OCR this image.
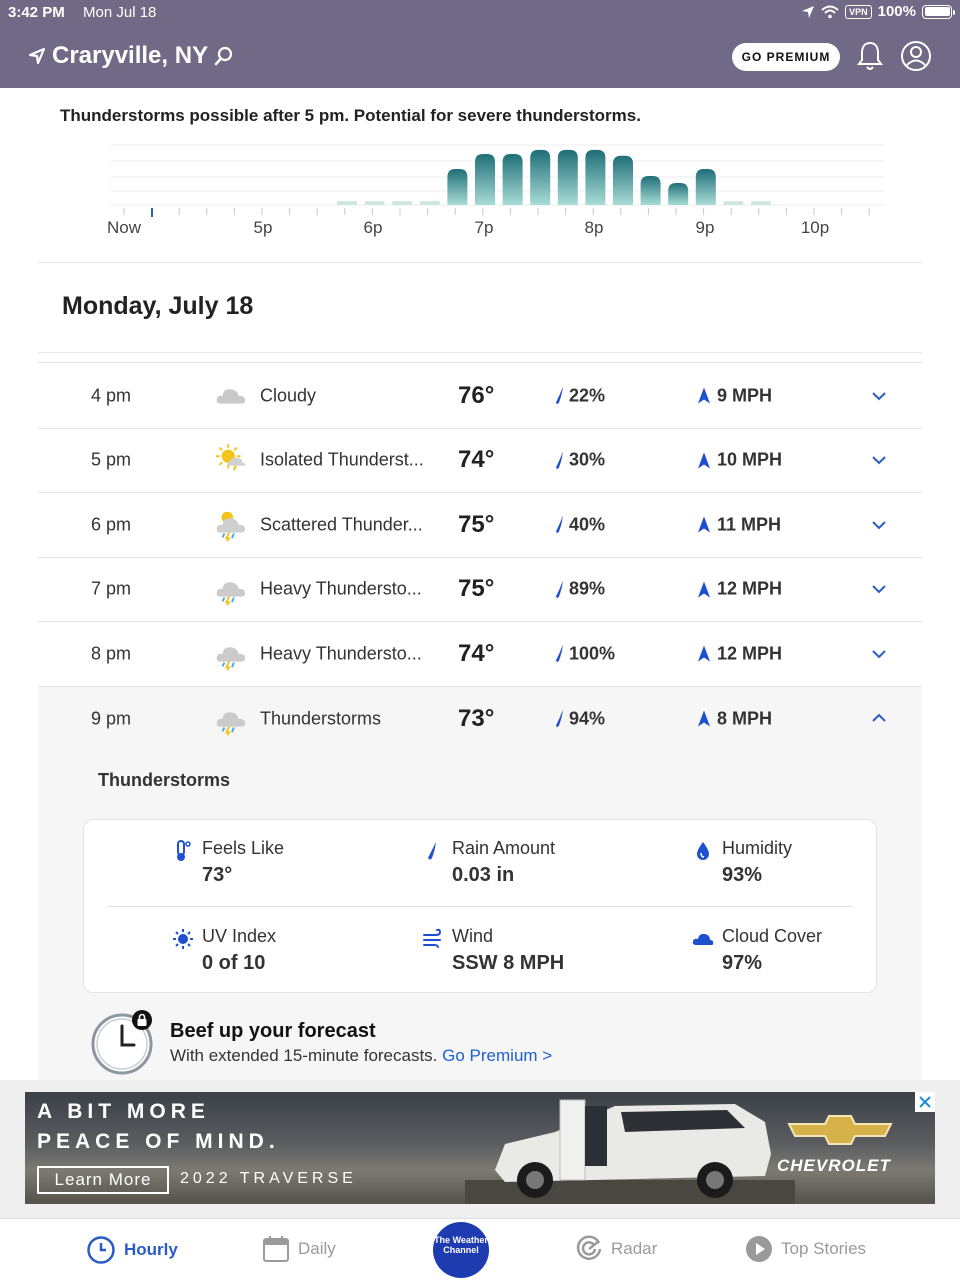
3:42 PM Mon Jul 18	VPN 100%
Craryville, NY	GO PREMIUM
Thunderstorms possible after 5 pm. Potential for severe thunderstorms.
Now	5p	6p	7p	8p	9p	10p
Monday, July 18
4 pm	Cloudy	76°	22%	9 MPH
5 pm	Isolated Thunderst...	74°	30%	10 MPH
6 pm	Scattered Thunder...	75°	40%	11 MPH
7 pm	Heavy Thundersto...	75°	89%	12 MPH
8 pm	Heavy Thundersto...	74°	100%	12 MPH
9 pm	Thunderstorms	73°	94%	8 MPH
Thunderstorms
Feels Like
73°
Rain Amount
0.03 in
Humidity
93%
UV Index
0 of 10
Wind
SSW 8 MPH
Cloud Cover
97%
Beef up your forecast
With extended 15-minute forecasts. Go Premium >
A BIT MORE
PEACE OF MIND.
Learn More	2022 TRAVERSE
CHEVROLET
Hourly	Daily	The Weather Channel	Radar	Top Stories
